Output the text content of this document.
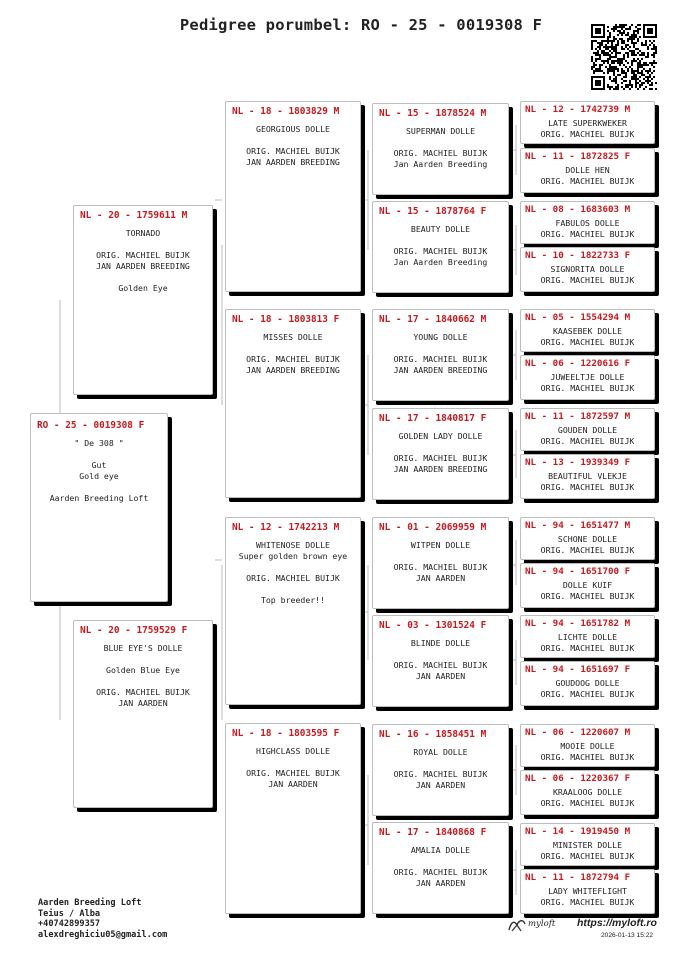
Pedigree porumbel: RO - 25 - 0019308 F
RO - 25 - 0019308 F
" De 308 "

Gut
Gold eye

Aarden Breeding Loft
NL - 20 - 1759611 M
TORNADO

ORIG. MACHIEL BUIJK
JAN AARDEN BREEDING

Golden Eye
NL - 20 - 1759529 F
BLUE EYE'S DOLLE

Golden Blue Eye

ORIG. MACHIEL BUIJK
JAN AARDEN
NL - 18 - 1803829 M
GEORGIOUS DOLLE

ORIG. MACHIEL BUIJK
JAN AARDEN BREEDING
NL - 18 - 1803813 F
MISSES DOLLE

ORIG. MACHIEL BUIJK
JAN AARDEN BREEDING
NL - 12 - 1742213 M
WHITENOSE DOLLE
Super golden brown eye

ORIG. MACHIEL BUIJK

Top breeder!!
NL - 18 - 1803595 F
HIGHCLASS DOLLE

ORIG. MACHIEL BUIJK
JAN AARDEN
NL - 15 - 1878524 M
SUPERMAN DOLLE

ORIG. MACHIEL BUIJK
Jan Aarden Breeding
NL - 15 - 1878764 F
BEAUTY DOLLE

ORIG. MACHIEL BUIJK
Jan Aarden Breeding
NL - 17 - 1840662 M
YOUNG DOLLE

ORIG. MACHIEL BUIJK
JAN AARDEN BREEDING
NL - 17 - 1840817 F
GOLDEN LADY DOLLE

ORIG. MACHIEL BUIJK
JAN AARDEN BREEDING
NL - 01 - 2069959 M
WITPEN DOLLE

ORIG. MACHIEL BUIJK
JAN AARDEN
NL - 03 - 1301524 F
BLINDE DOLLE

ORIG. MACHIEL BUIJK
JAN AARDEN
NL - 16 - 1858451 M
ROYAL DOLLE

ORIG. MACHIEL BUIJK
JAN AARDEN
NL - 17 - 1840868 F
AMALIA DOLLE

ORIG. MACHIEL BUIJK
JAN AARDEN
NL - 12 - 1742739 M
LATE SUPERKWEKER
ORIG. MACHIEL BUIJK
NL - 11 - 1872825 F
DOLLE HEN
ORIG. MACHIEL BUIJK
NL - 08 - 1683603 M
FABULOS DOLLE
ORIG. MACHIEL BUIJK
NL - 10 - 1822733 F
SIGNORITA DOLLE
ORIG. MACHIEL BUIJK
NL - 05 - 1554294 M
KAASEBEK DOLLE
ORIG. MACHIEL BUIJK
NL - 06 - 1220616 F
JUWEELTJE DOLLE
ORIG. MACHIEL BUIJK
NL - 11 - 1872597 M
GOUDEN DOLLE
ORIG. MACHIEL BUIJK
NL - 13 - 1939349 F
BEAUTIFUL VLEKJE
ORIG. MACHIEL BUIJK
NL - 94 - 1651477 M
SCHONE DOLLE
ORIG. MACHIEL BUIJK
NL - 94 - 1651700 F
DOLLE KUIF
ORIG. MACHIEL BUIJK
NL - 94 - 1651782 M
LICHTE DOLLE
ORIG. MACHIEL BUIJK
NL - 94 - 1651697 F
GOUDOOG DOLLE
ORIG. MACHIEL BUIJK
NL - 06 - 1220607 M
MOOIE DOLLE
ORIG. MACHIEL BUIJK
NL - 06 - 1220367 F
KRAALOOG DOLLE
ORIG. MACHIEL BUIJK
NL - 14 - 1919450 M
MINISTER DOLLE
ORIG. MACHIEL BUIJK
NL - 11 - 1872794 F
LADY WHITEFLIGHT
ORIG. MACHIEL BUIJK
Aarden Breeding Loft
Teius / Alba
+40742899357
alexdreghiciu05@gmail.com
myloft https://myloft.ro
2026-01-13 15:22
